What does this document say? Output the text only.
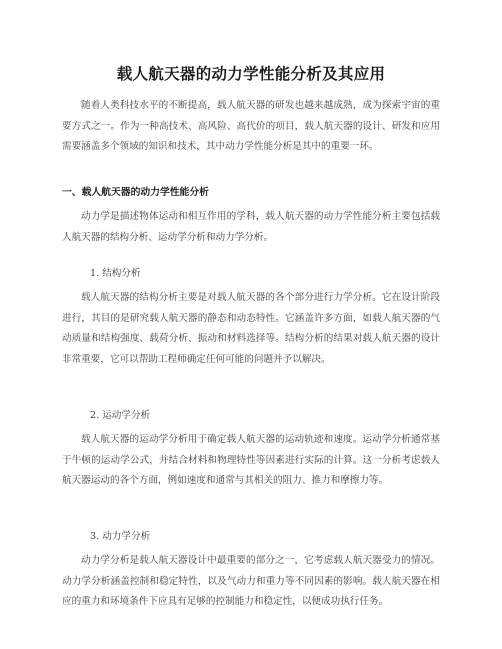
载人航天器的动力学性能分析及其应用

随着人类科技水平的不断提高，载人航天器的研发也越来越成熟，成为探索宇宙的重要方式之一。作为一种高技术、高风险、高代价的项目，载人航天器的设计、研发和应用需要涵盖多个领域的知识和技术，其中动力学性能分析是其中的重要一环。

一、载人航天器的动力学性能分析

动力学是描述物体运动和相互作用的学科，载人航天器的动力学性能分析主要包括载人航天器的结构分析、运动学分析和动力学分析。

1. 结构分析

载人航天器的结构分析主要是对载人航天器的各个部分进行力学分析。它在设计阶段进行，其目的是研究载人航天器的静态和动态特性。它涵盖许多方面，如载人航天器的气动质量和结构强度、载荷分析、振动和材料选择等。结构分析的结果对载人航天器的设计非常重要，它可以帮助工程师确定任何可能的问题并予以解决。

2. 运动学分析

载人航天器的运动学分析用于确定载人航天器的运动轨迹和速度。运动学分析通常基于牛顿的运动学公式，并结合材料和物理特性等因素进行实际的计算。这一分析考虑载人航天器运动的各个方面，例如速度和通常与其相关的阻力、推力和摩擦力等。

3. 动力学分析

动力学分析是载人航天器设计中最重要的部分之一，它考虑载人航天器受力的情况。动力学分析涵盖控制和稳定特性，以及气动力和重力等不同因素的影响。载人航天器在相应的重力和环境条件下应具有足够的控制能力和稳定性，以便成功执行任务。
